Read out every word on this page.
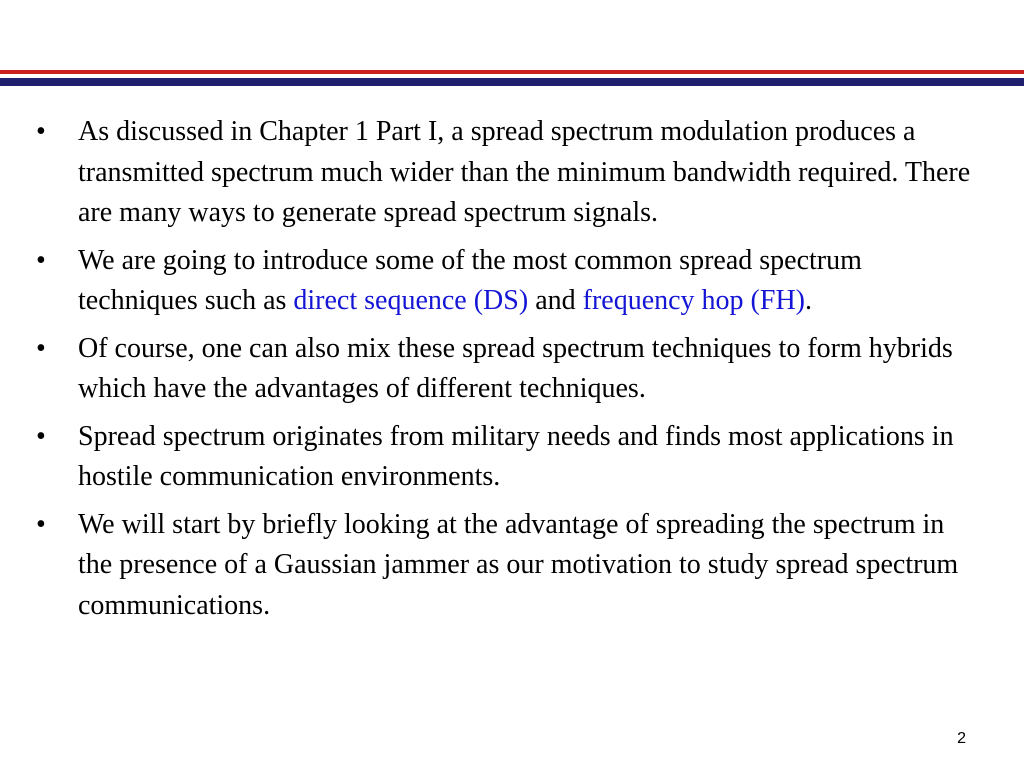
• As discussed in Chapter 1 Part I, a spread spectrum modulation produces a transmitted spectrum much wider than the minimum bandwidth required. There are many ways to generate spread spectrum signals.
• We are going to introduce some of the most common spread spectrum techniques such as direct sequence (DS) and frequency hop (FH).
• Of course, one can also mix these spread spectrum techniques to form hybrids which have the advantages of different techniques.
• Spread spectrum originates from military needs and finds most applications in hostile communication environments.
• We will start by briefly looking at the advantage of spreading the spectrum in the presence of a Gaussian jammer as our motivation to study spread spectrum communications.
2
